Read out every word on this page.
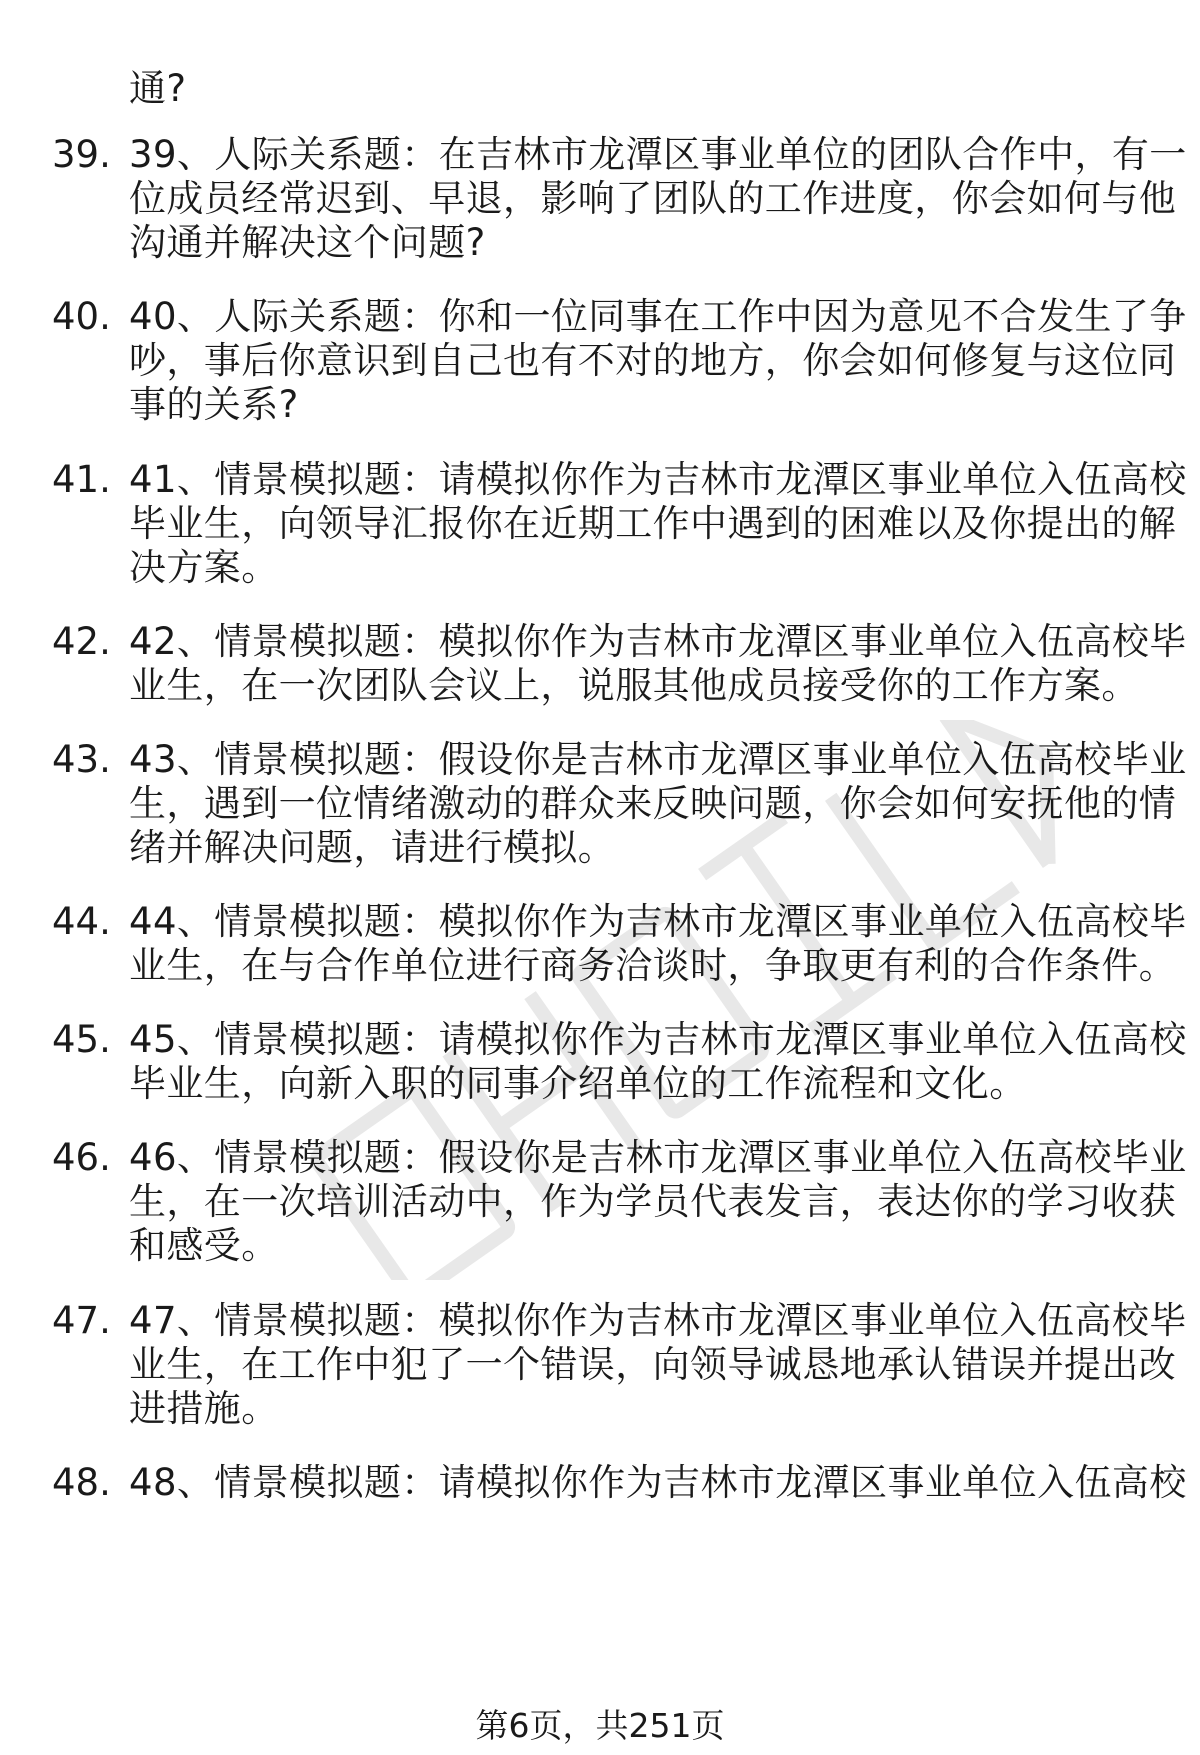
通?
39. 39、人际关系题：在吉林市龙潭区事业单位的团队合作中，有一
位成员经常迟到、早退，影响了团队的工作进度，你会如何与他
沟通并解决这个问题?
40. 40、人际关系题：你和一位同事在工作中因为意见不合发生了争
吵，事后你意识到自己也有不对的地方，你会如何修复与这位同
事的关系?
41. 41、情景模拟题：请模拟你作为吉林市龙潭区事业单位入伍高校
毕业生，向领导汇报你在近期工作中遇到的困难以及你提出的解
决方案。
42. 42、情景模拟题：模拟你作为吉林市龙潭区事业单位入伍高校毕
业生，在一次团队会议上，说服其他成员接受你的工作方案。
43. 43、情景模拟题：假设你是吉林市龙潭区事业单位入伍高校毕业
生，遇到一位情绪激动的群众来反映问题，你会如何安抚他的情
绪并解决问题，请进行模拟。
44. 44、情景模拟题：模拟你作为吉林市龙潭区事业单位入伍高校毕
业生，在与合作单位进行商务洽谈时，争取更有利的合作条件。
45. 45、情景模拟题：请模拟你作为吉林市龙潭区事业单位入伍高校
毕业生，向新入职的同事介绍单位的工作流程和文化。
46. 46、情景模拟题：假设你是吉林市龙潭区事业单位入伍高校毕业
生，在一次培训活动中，作为学员代表发言，表达你的学习收获
和感受。
47. 47、情景模拟题：模拟你作为吉林市龙潭区事业单位入伍高校毕
业生，在工作中犯了一个错误，向领导诚恳地承认错误并提出改
进措施。
48. 48、情景模拟题：请模拟你作为吉林市龙潭区事业单位入伍高校
第6页，共251页
